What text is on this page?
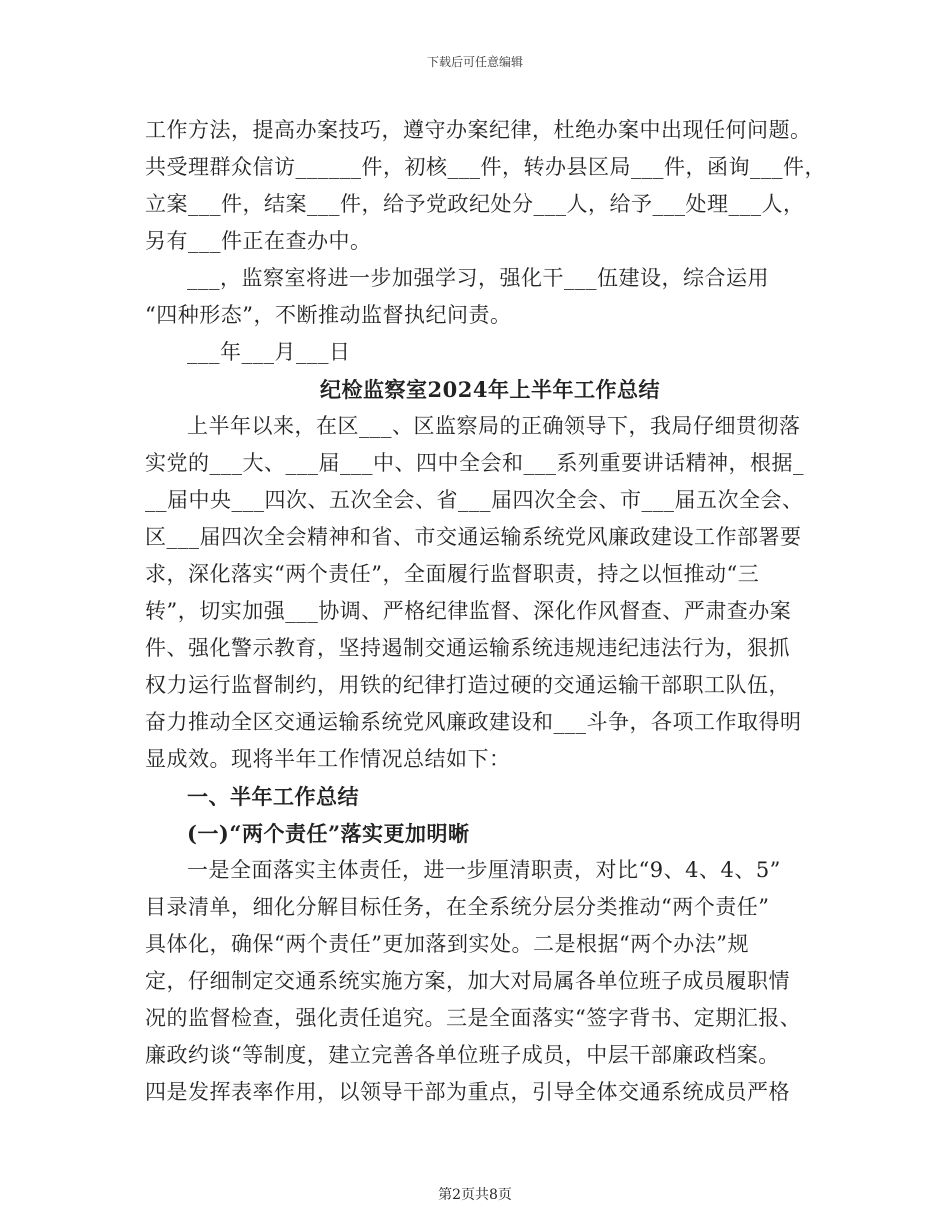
下载后可任意编辑
工作方法，提高办案技巧，遵守办案纪律，杜绝办案中出现任何问题。
共受理群众信访______件，初核___件，转办县区局___件，函询___件，
立案___件，结案___件，给予党政纪处分___人，给予___处理___人，
另有___件正在查办中。
___，监察室将进一步加强学习，强化干___伍建设，综合运用
“四种形态”，不断推动监督执纪问责。
___年___月___日
纪检监察室2024年上半年工作总结
上半年以来，在区___、区监察局的正确领导下，我局仔细贯彻落
实党的___大、___届___中、四中全会和___系列重要讲话精神，根据_
__届中央___四次、五次全会、省___届四次全会、市___届五次全会、
区___届四次全会精神和省、市交通运输系统党风廉政建设工作部署要
求，深化落实“两个责任”，全面履行监督职责，持之以恒推动“三
转”，切实加强___协调、严格纪律监督、深化作风督查、严肃查办案
件、强化警示教育，坚持遏制交通运输系统违规违纪违法行为，狠抓
权力运行监督制约，用铁的纪律打造过硬的交通运输干部职工队伍，
奋力推动全区交通运输系统党风廉政建设和___斗争，各项工作取得明
显成效。现将半年工作情况总结如下：
一、半年工作总结
(一)“两个责任”落实更加明晰
一是全面落实主体责任，进一步厘清职责，对比“9、4、4、5”
目录清单，细化分解目标任务，在全系统分层分类推动“两个责任”
具体化，确保“两个责任”更加落到实处。二是根据“两个办法”规
定，仔细制定交通系统实施方案，加大对局属各单位班子成员履职情
况的监督检查，强化责任追究。三是全面落实“签字背书、定期汇报、
廉政约谈“等制度，建立完善各单位班子成员，中层干部廉政档案。
四是发挥表率作用，以领导干部为重点，引导全体交通系统成员严格
第2页共8页
